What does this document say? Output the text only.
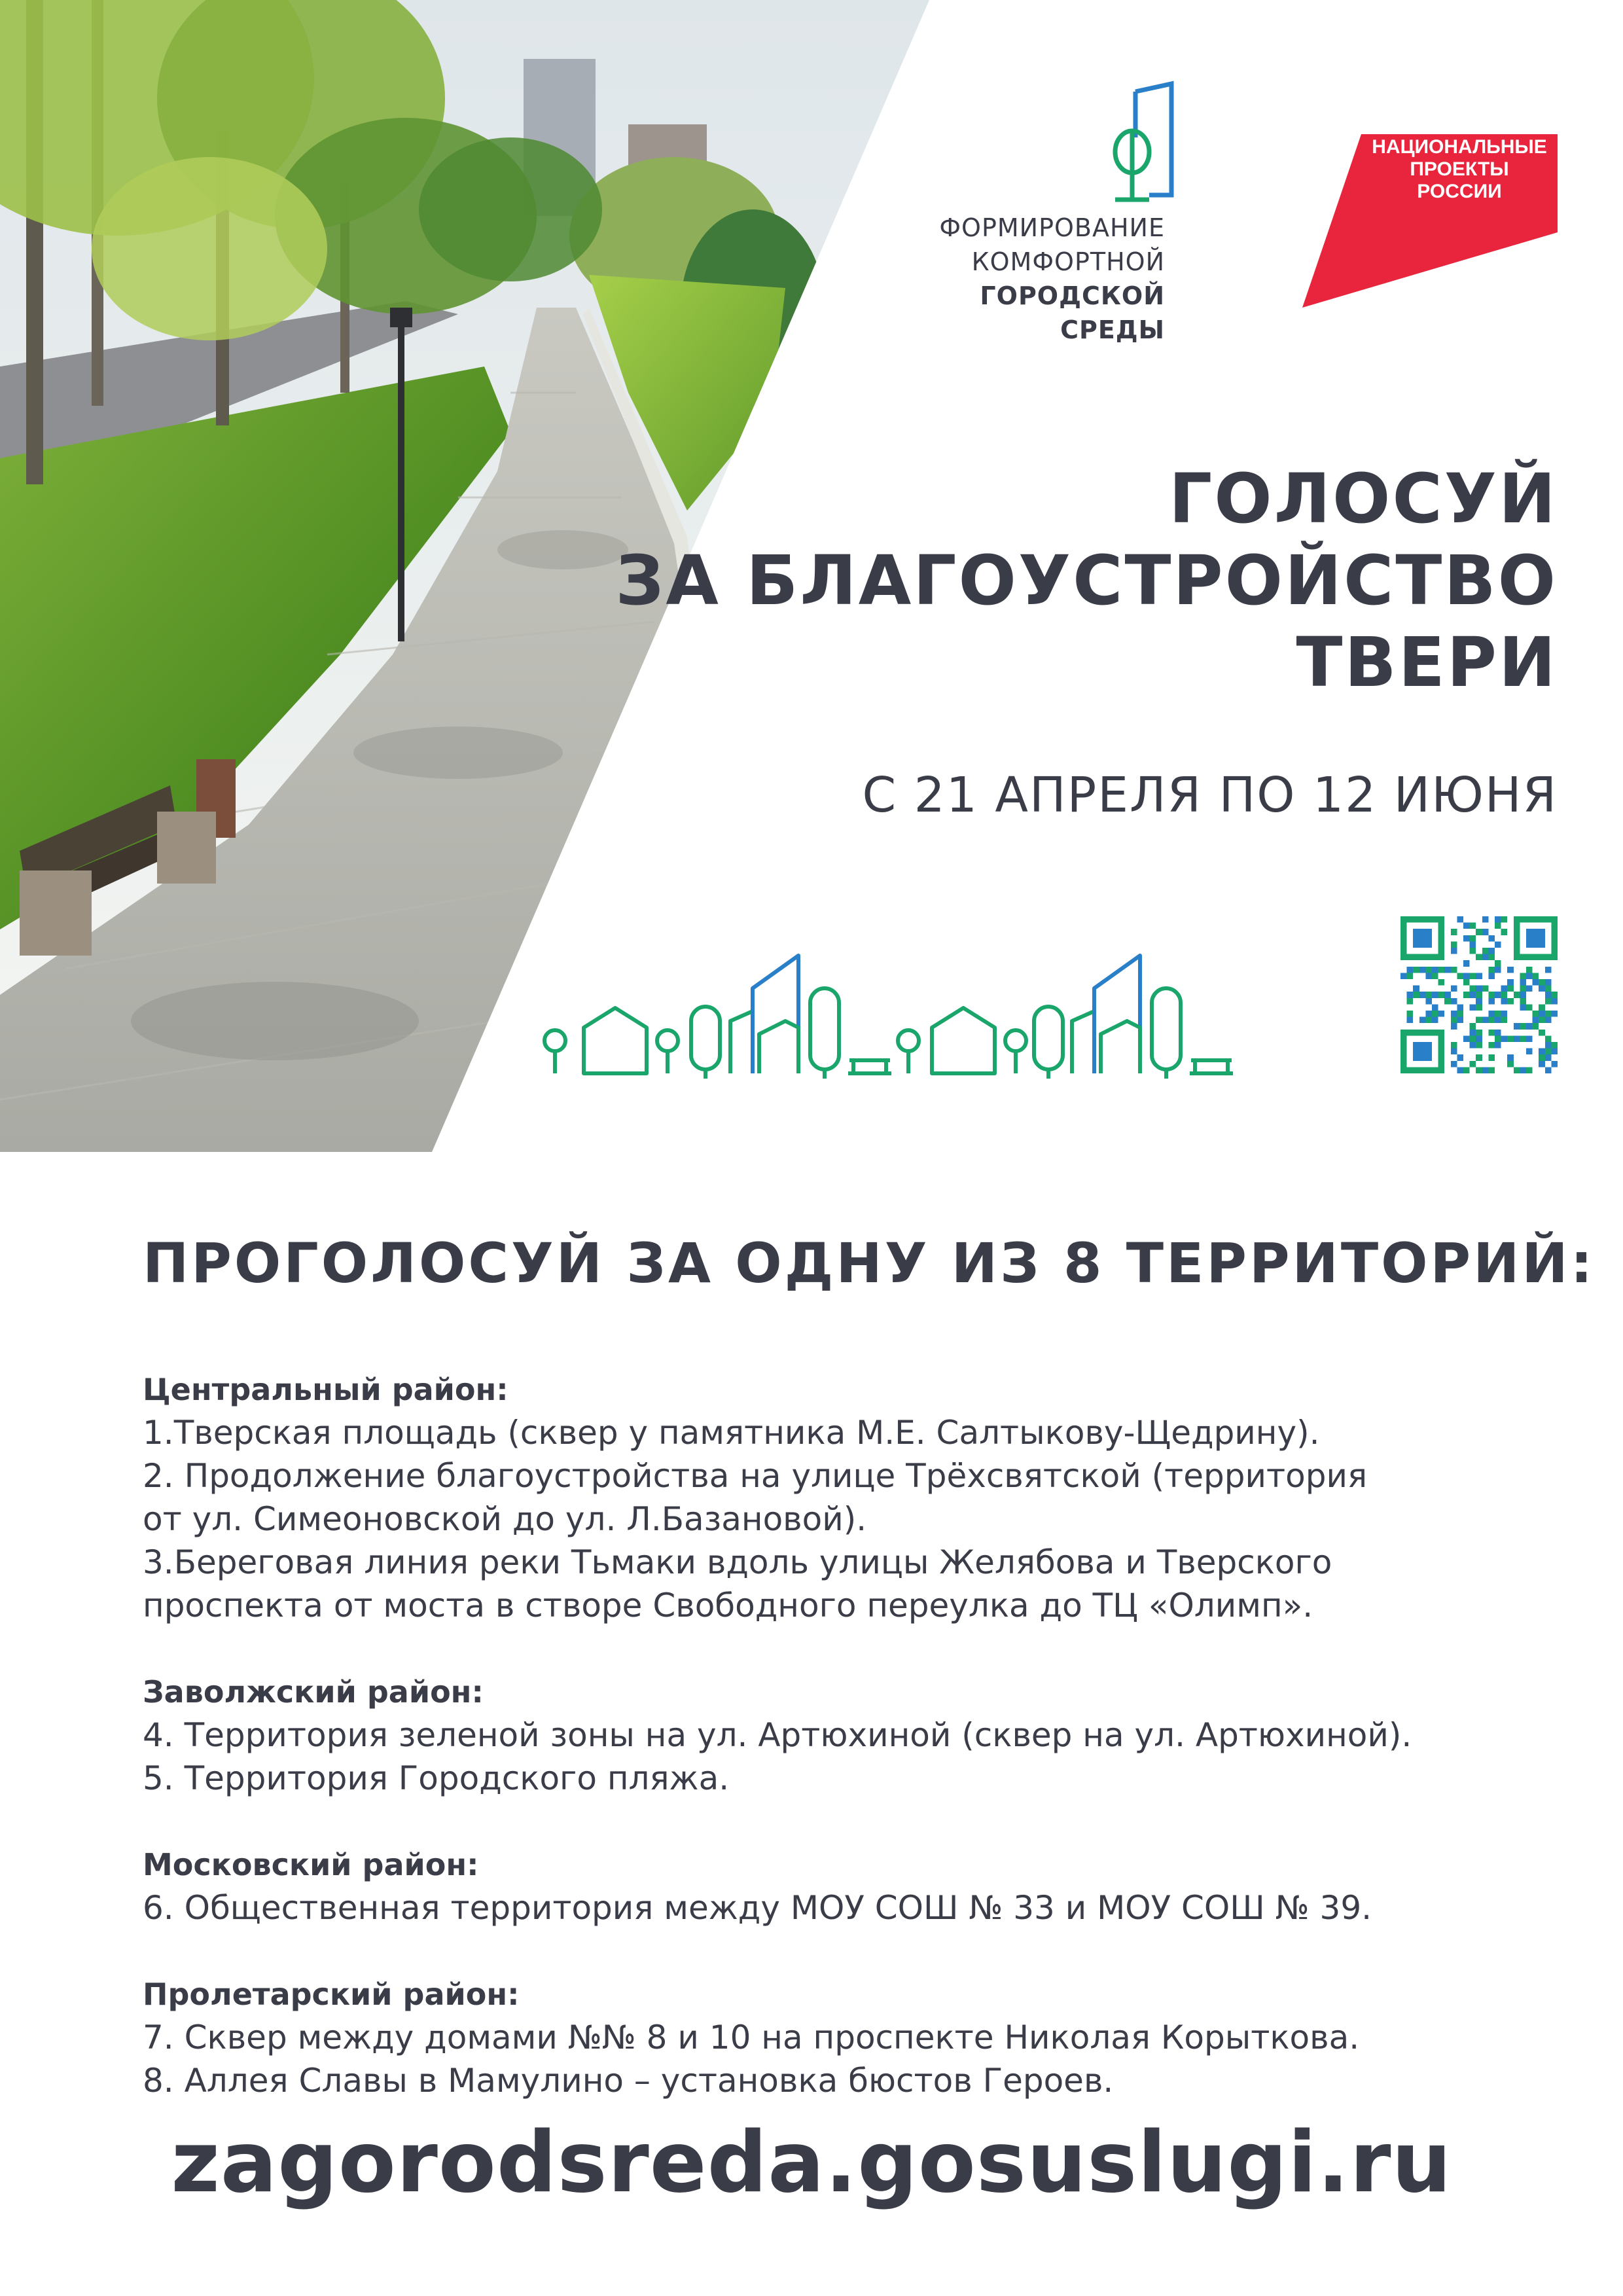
ФОРМИРОВАНИЕ
КОМФОРТНОЙ
ГОРОДСКОЙ СРЕДЫ
НАЦИОНАЛЬНЫЕ
ПРОЕКТЫ
РОССИИ
ГОЛОСУЙ
ЗА БЛАГОУСТРОЙСТВО
ТВЕРИ
С 21 АПРЕЛЯ ПО 12 ИЮНЯ
ПРОГОЛОСУЙ ЗА ОДНУ ИЗ 8 ТЕРРИТОРИЙ:
Центральный район:
1.Тверская площадь (сквер у памятника М.Е. Салтыкову-Щедрину).
2. Продолжение благоустройства на улице Трёхсвятской (территория
от ул. Симеоновской до ул. Л.Базановой).
3.Береговая линия реки Тьмаки вдоль улицы Желябова и Тверского
проспекта от моста в створе Свободного переулка до ТЦ «Олимп».
Заволжский район:
4. Территория зеленой зоны на ул. Артюхиной (сквер на ул. Артюхиной).
5. Территория Городского пляжа.
Московский район:
6. Общественная территория между МОУ СОШ № 33 и МОУ СОШ № 39.
Пролетарский район:
7. Сквер между домами №№ 8 и 10 на проспекте Николая Корыткова.
8. Аллея Славы в Мамулино – установка бюстов Героев.
zagorodsreda.gosuslugi.ru
